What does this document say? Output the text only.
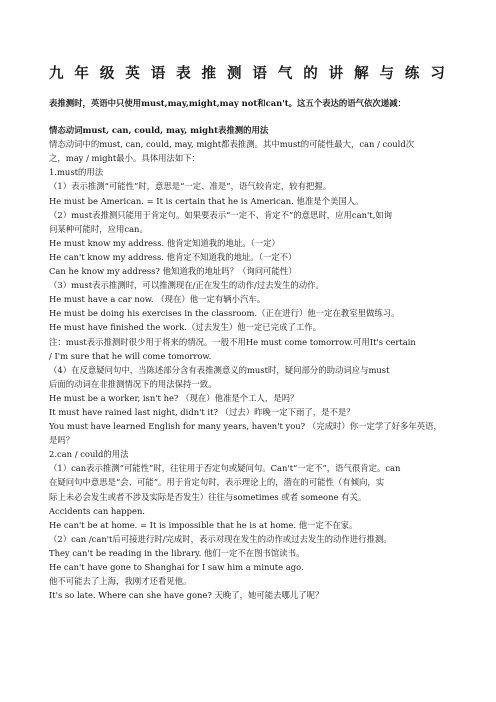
九 年 级 英 语 表 推 测 语 气 的 讲 解 与 练 习
表推测时，英语中只使用must,may,might,may not和can't。这五个表达的语气依次递减：
情态动词must, can, could, may, might表推测的用法
情态动词中的must, can, could, may, might都表推测。其中must的可能性最大，can / could次
之，may / might最小。具体用法如下：
1.must的用法
（1）表示推测“可能性”时，意思是“一定、准是”，语气较肯定，较有把握。
He must be American. = It is certain that he is American. 他准是个美国人。
（2）must表推测只能用于肯定句。如果要表示“一定不、肯定不”的意思时，应用can't,如询
问某种可能时，应用can。
He must know my address. 他肯定知道我的地址。（一定）
He can't know my address. 他肯定不知道我的地址。（一定不）
Can he know my address? 他知道我的地址吗？（询问可能性）
（3）must表示推测时，可以推测现在/正在发生的动作/过去发生的动作。
He must have a car now. （现在）他一定有辆小汽车。
He must be doing his exercises in the classroom.（正在进行）他一定在教室里做练习。
He must have finished the work.（过去发生）他一定已完成了工作。
注：must表示推测时很少用于将来的情况。一般不用He must come tomorrow.可用It's certain
/ I'm sure that he will come tomorrow.
（4）在反意疑问句中，当陈述部分含有表推测意义的must时，疑问部分的助动词应与must
后面的动词在非推测情况下的用法保持一致。
He must be a worker, isn't he? （现在）他准是个工人，是吗？
It must have rained last night, didn't it? （过去）昨晚一定下雨了，是不是？
You must have learned English for many years, haven't you? （完成时）你一定学了好多年英语，
是吗？
2.can / could的用法
（1）can表示推测“可能性”时，往往用于否定句或疑问句。Can't“一定不”，语气很肯定。can
在疑问句中意思是“会、可能”。用于肯定句时，表示理论上的，潜在的可能性（有倾向，实
际上未必会发生或者不涉及实际是否发生）往往与sometimes 或者 someone 有关。
Accidents can happen.
He can't be at home. = It is impossible that he is at home. 他一定不在家。
（2）can /can't后可接进行时/完成时，表示对现在发生的动作或过去发生的动作进行推测。
They can't be reading in the library. 他们一定不在图书馆读书。
He can't have gone to Shanghai for I saw him a minute ago.
他不可能去了上海，我刚才还看见他。
It's so late. Where can she have gone? 天晚了，她可能去哪儿了呢？
